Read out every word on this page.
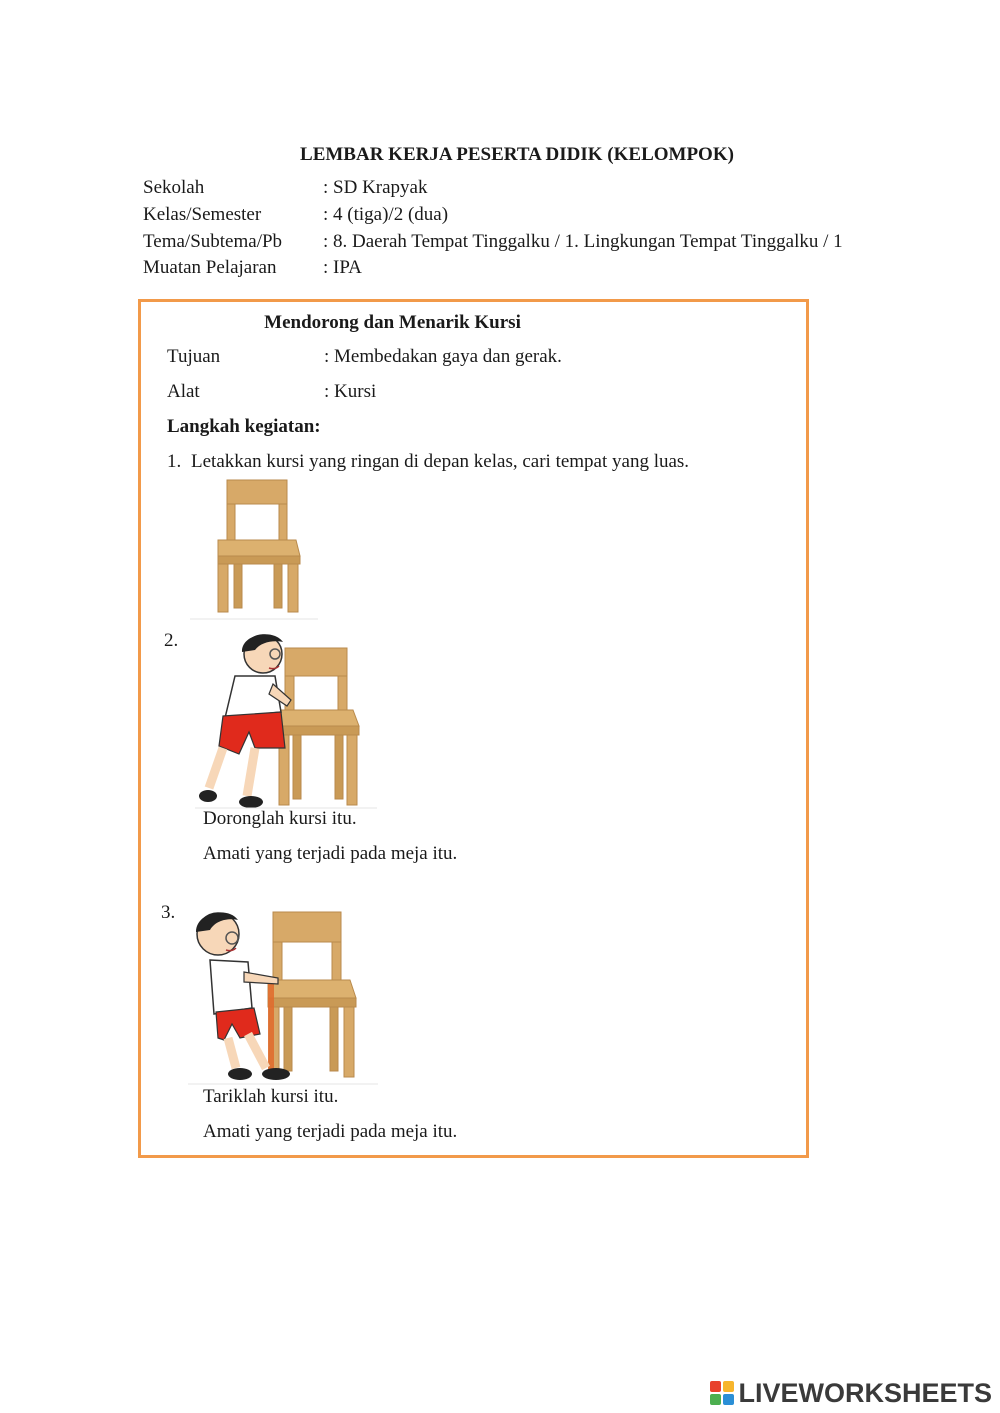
LEMBAR KERJA PESERTA DIDIK (KELOMPOK)
Sekolah	: SD Krapyak
Kelas/Semester	: 4 (tiga)/2 (dua)
Tema/Subtema/Pb : 8. Daerah Tempat Tinggalku / 1. Lingkungan Tempat Tinggalku / 1
Muatan Pelajaran : IPA
Mendorong dan Menarik Kursi
Tujuan	: Membedakan gaya dan gerak.
Alat	: Kursi
Langkah kegiatan:
1. Letakkan kursi yang ringan di depan kelas, cari tempat yang luas.
2.
Doronglah kursi itu.
Amati yang terjadi pada meja itu.
3.
Tariklah kursi itu.
Amati yang terjadi pada meja itu.
LIVEWORKSHEETS
